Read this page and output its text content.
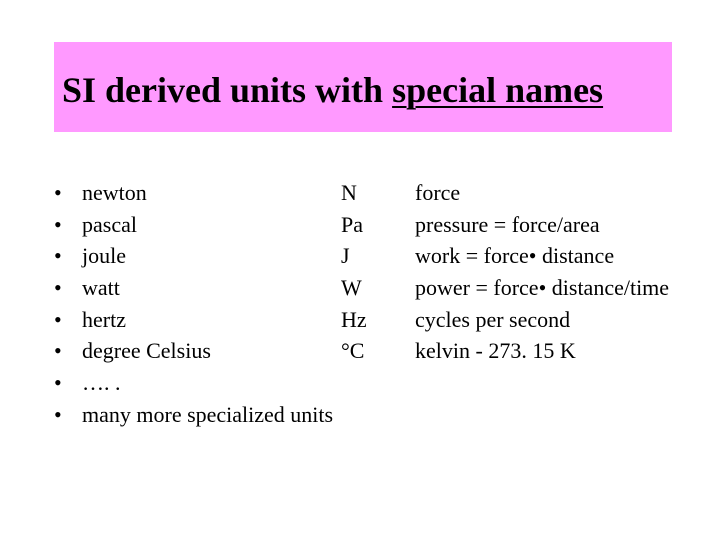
SI derived units with special names
• newton	N	force
• pascal	Pa pressure = force/area
• joule	J	work = force• distance
• watt	W power = force• distance/time
• hertz	Hz cycles per second
• degree Celsius	°C kelvin - 273. 15 K
• …. .
• many more specialized units
